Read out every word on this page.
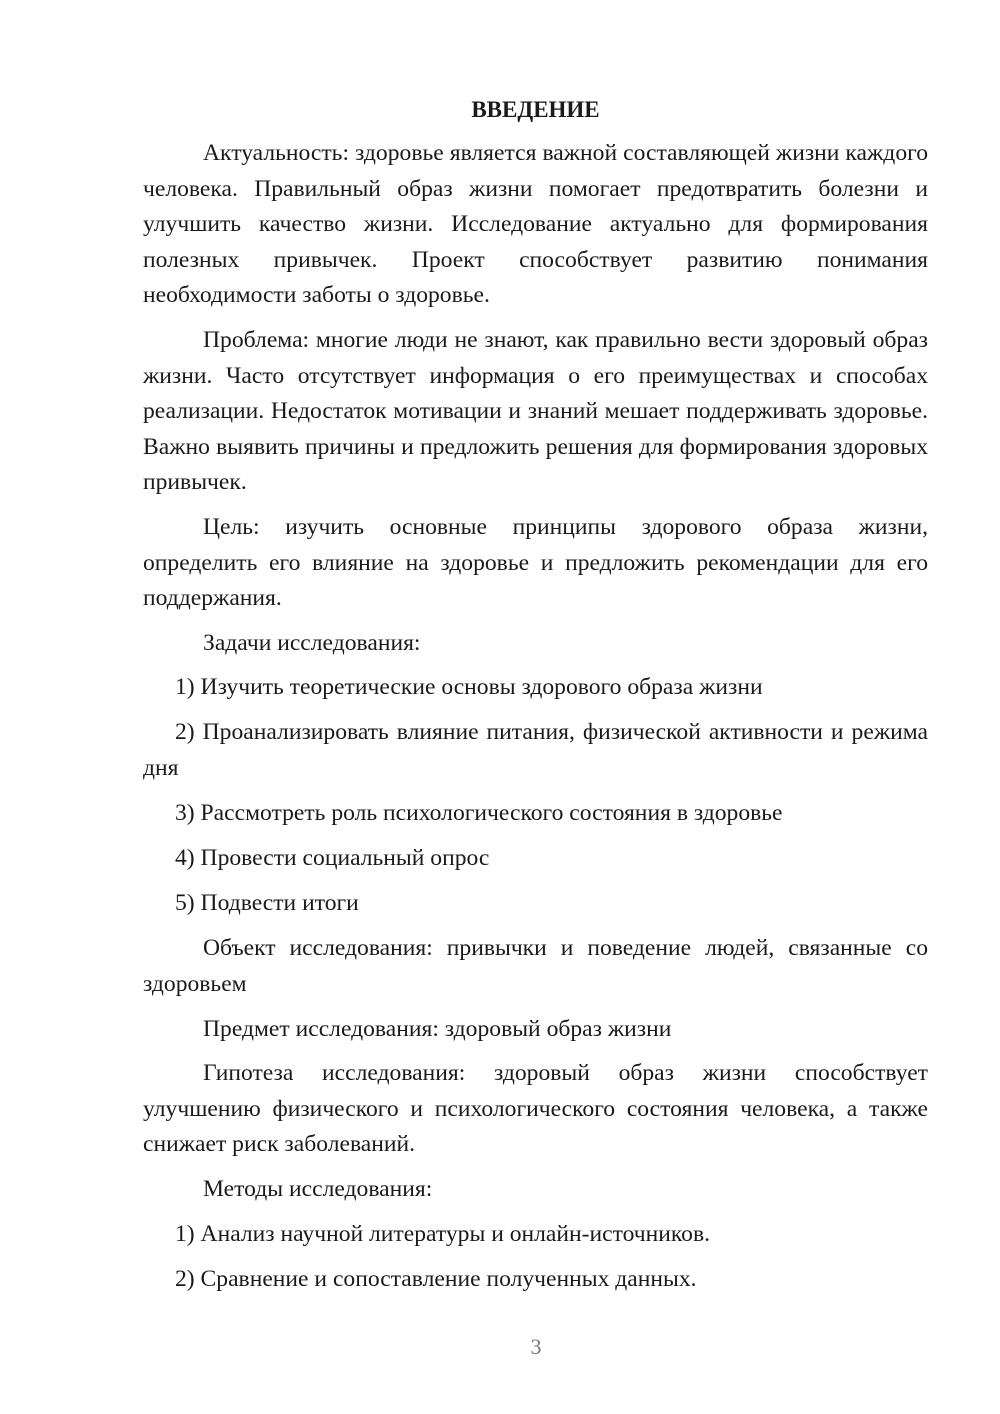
ВВЕДЕНИЕ

Актуальность: здоровье является важной составляющей жизни каждого человека. Правильный образ жизни помогает предотвратить болезни и улучшить качество жизни. Исследование актуально для формирования полезных привычек. Проект способствует развитию понимания необходимости заботы о здоровье.

Проблема: многие люди не знают, как правильно вести здоровый образ жизни. Часто отсутствует информация о его преимуществах и способах реализации. Недостаток мотивации и знаний мешает поддерживать здоровье. Важно выявить причины и предложить решения для формирования здоровых привычек.

Цель: изучить основные принципы здорового образа жизни, определить его влияние на здоровье и предложить рекомендации для его поддержания.

Задачи исследования:

1) Изучить теоретические основы здорового образа жизни

2) Проанализировать влияние питания, физической активности и режима дня

3) Рассмотреть роль психологического состояния в здоровье

4) Провести социальный опрос

5) Подвести итоги

Объект исследования: привычки и поведение людей, связанные со здоровьем

Предмет исследования: здоровый образ жизни

Гипотеза исследования: здоровый образ жизни способствует улучшению физического и психологического состояния человека, а также снижает риск заболеваний.

Методы исследования:

1) Анализ научной литературы и онлайн-источников.

2) Сравнение и сопоставление полученных данных.

3
